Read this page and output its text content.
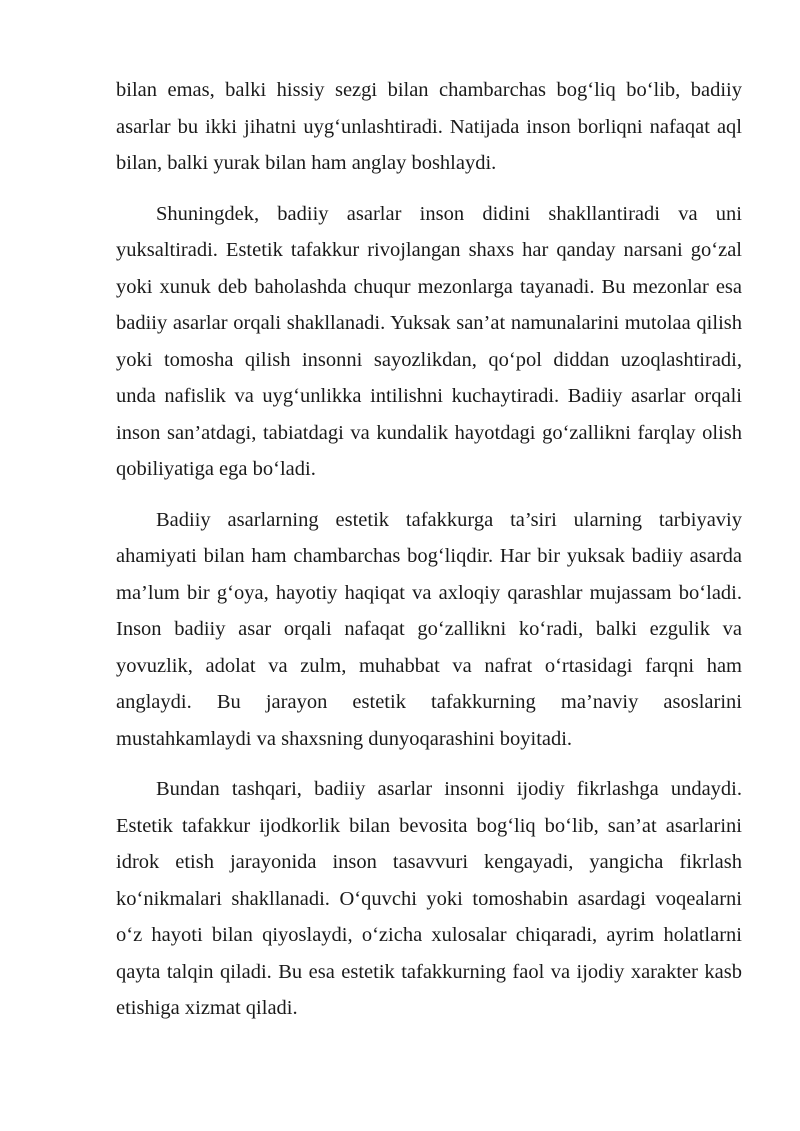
bilan emas, balki hissiy sezgi bilan chambarchas bog‘liq bo‘lib, badiiy asarlar bu ikki jihatni uyg‘unlashtiradi. Natijada inson borliqni nafaqat aql bilan, balki yurak bilan ham anglay boshlaydi.

Shuningdek, badiiy asarlar inson didini shakllantiradi va uni yuksaltiradi. Estetik tafakkur rivojlangan shaxs har qanday narsani go‘zal yoki xunuk deb baholashda chuqur mezonlarga tayanadi. Bu mezonlar esa badiiy asarlar orqali shakllanadi. Yuksak san’at namunalarini mutolaa qilish yoki tomosha qilish insonni sayozlikdan, qo‘pol diddan uzoqlashtiradi, unda nafislik va uyg‘unlikka intilishni kuchaytiradi. Badiiy asarlar orqali inson san’atdagi, tabiatdagi va kundalik hayotdagi go‘zallikni farqlay olish qobiliyatiga ega bo‘ladi.

Badiiy asarlarning estetik tafakkurga ta’siri ularning tarbiyaviy ahamiyati bilan ham chambarchas bog‘liqdir. Har bir yuksak badiiy asarda ma’lum bir g‘oya, hayotiy haqiqat va axloqiy qarashlar mujassam bo‘ladi. Inson badiiy asar orqali nafaqat go‘zallikni ko‘radi, balki ezgulik va yovuzlik, adolat va zulm, muhabbat va nafrat o‘rtasidagi farqni ham anglaydi. Bu jarayon estetik tafakkurning ma’naviy asoslarini mustahkamlaydi va shaxsning dunyoqarashini boyitadi.

Bundan tashqari, badiiy asarlar insonni ijodiy fikrlashga undaydi. Estetik tafakkur ijodkorlik bilan bevosita bog‘liq bo‘lib, san’at asarlarini idrok etish jarayonida inson tasavvuri kengayadi, yangicha fikrlash ko‘nikmalari shakllanadi. O‘quvchi yoki tomoshabin asardagi voqealarni o‘z hayoti bilan qiyoslaydi, o‘zicha xulosalar chiqaradi, ayrim holatlarni qayta talqin qiladi. Bu esa estetik tafakkurning faol va ijodiy xarakter kasb etishiga xizmat qiladi.
